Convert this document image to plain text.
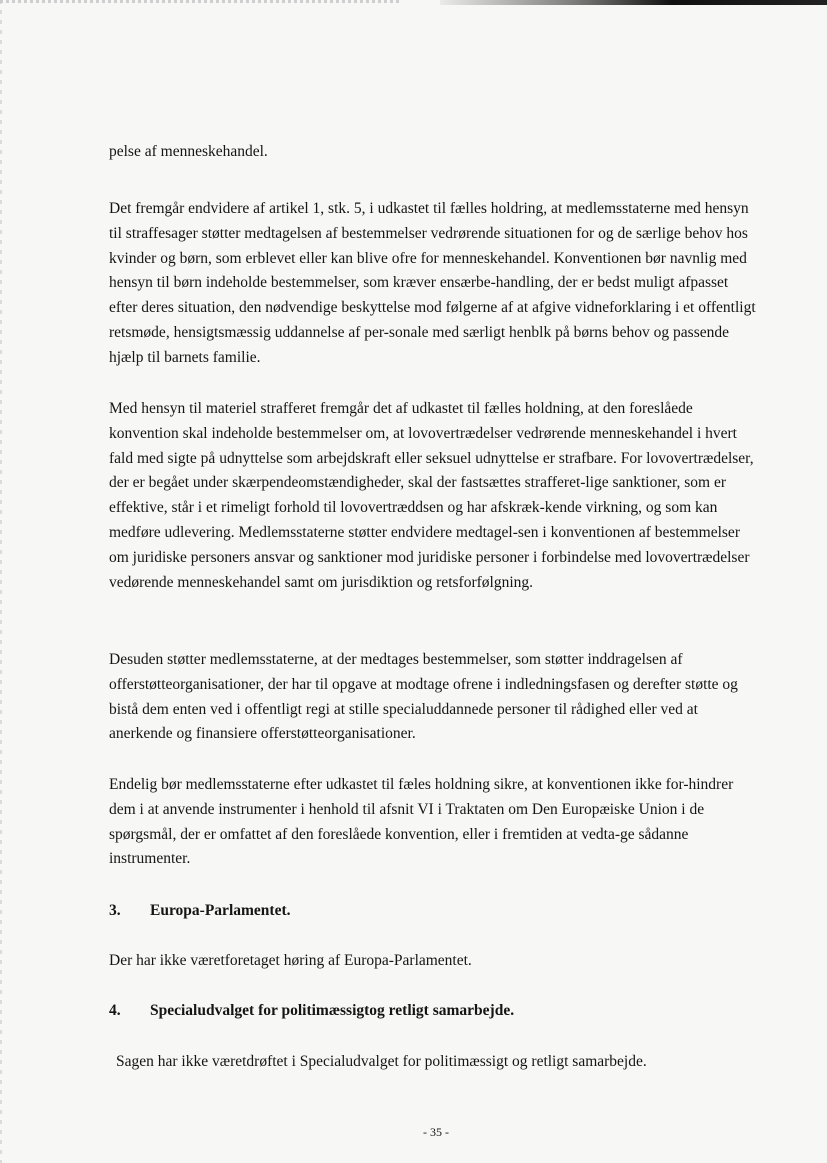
pelse af menneskehandel.

Det fremgår endvidere af artikel 1, stk. 5, i udkastet til fælles holdring, at medlemsstaterne med hensyn til straffesager støtter medtagelsen af bestemmelser vedrørende situationen for og de særlige behov hos kvinder og børn, som erblevet eller kan blive ofre for menneskehandel. Konventionen bør navnlig med hensyn til børn indeholde bestemmelser, som kræver ensærbe-handling, der er bedst muligt afpasset efter deres situation, den nødvendige beskyttelse mod følgerne af at afgive vidneforklaring i et offentligt retsmøde, hensigtsmæssig uddannelse af per-sonale med særligt henblk på børns behov og passende hjælp til barnets familie.

Med hensyn til materiel strafferet fremgår det af udkastet til fælles holdning, at den foreslåede konvention skal indeholde bestemmelser om, at lovovertrædelser vedrørende menneskehandel i hvert fald med sigte på udnyttelse som arbejdskraft eller seksuel udnyttelse er strafbare. For lovovertrædelser, der er begået under skærpendeomstændigheder, skal der fastsættes strafferet-lige sanktioner, som er effektive, står i et rimeligt forhold til lovovertræddsen og har afskræk-kende virkning, og som kan medføre udlevering. Medlemsstaterne støtter endvidere medtagel-sen i konventionen af bestemmelser om juridiske personers ansvar og sanktioner mod juridiske personer i forbindelse med lovovertrædelser vedørende menneskehandel samt om jurisdiktion og retsforfølgning.

Desuden støtter medlemsstaterne, at der medtages bestemmelser, som støtter inddragelsen af offerstøtteorganisationer, der har til opgave at modtage ofrene i indledningsfasen og derefter støtte og bistå dem enten ved i offentligt regi at stille specialuddannede personer til rådighed eller ved at anerkende og finansiere offerstøtteorganisationer.

Endelig bør medlemsstaterne efter udkastet til fæles holdning sikre, at konventionen ikke for-hindrer dem i at anvende instrumenter i henhold til afsnit VI i Traktaten om Den Europæiske Union i de spørgsmål, der er omfattet af den foreslåede konvention, eller i fremtiden at vedta-ge sådanne instrumenter.

3. Europa-Parlamentet.

Der har ikke væretforetaget høring af Europa-Parlamentet.

4. Specialudvalget for politimæssigtog retligt samarbejde.

Sagen har ikke væretdrøftet i Specialudvalget for politimæssigt og retligt samarbejde.

- 35 -
